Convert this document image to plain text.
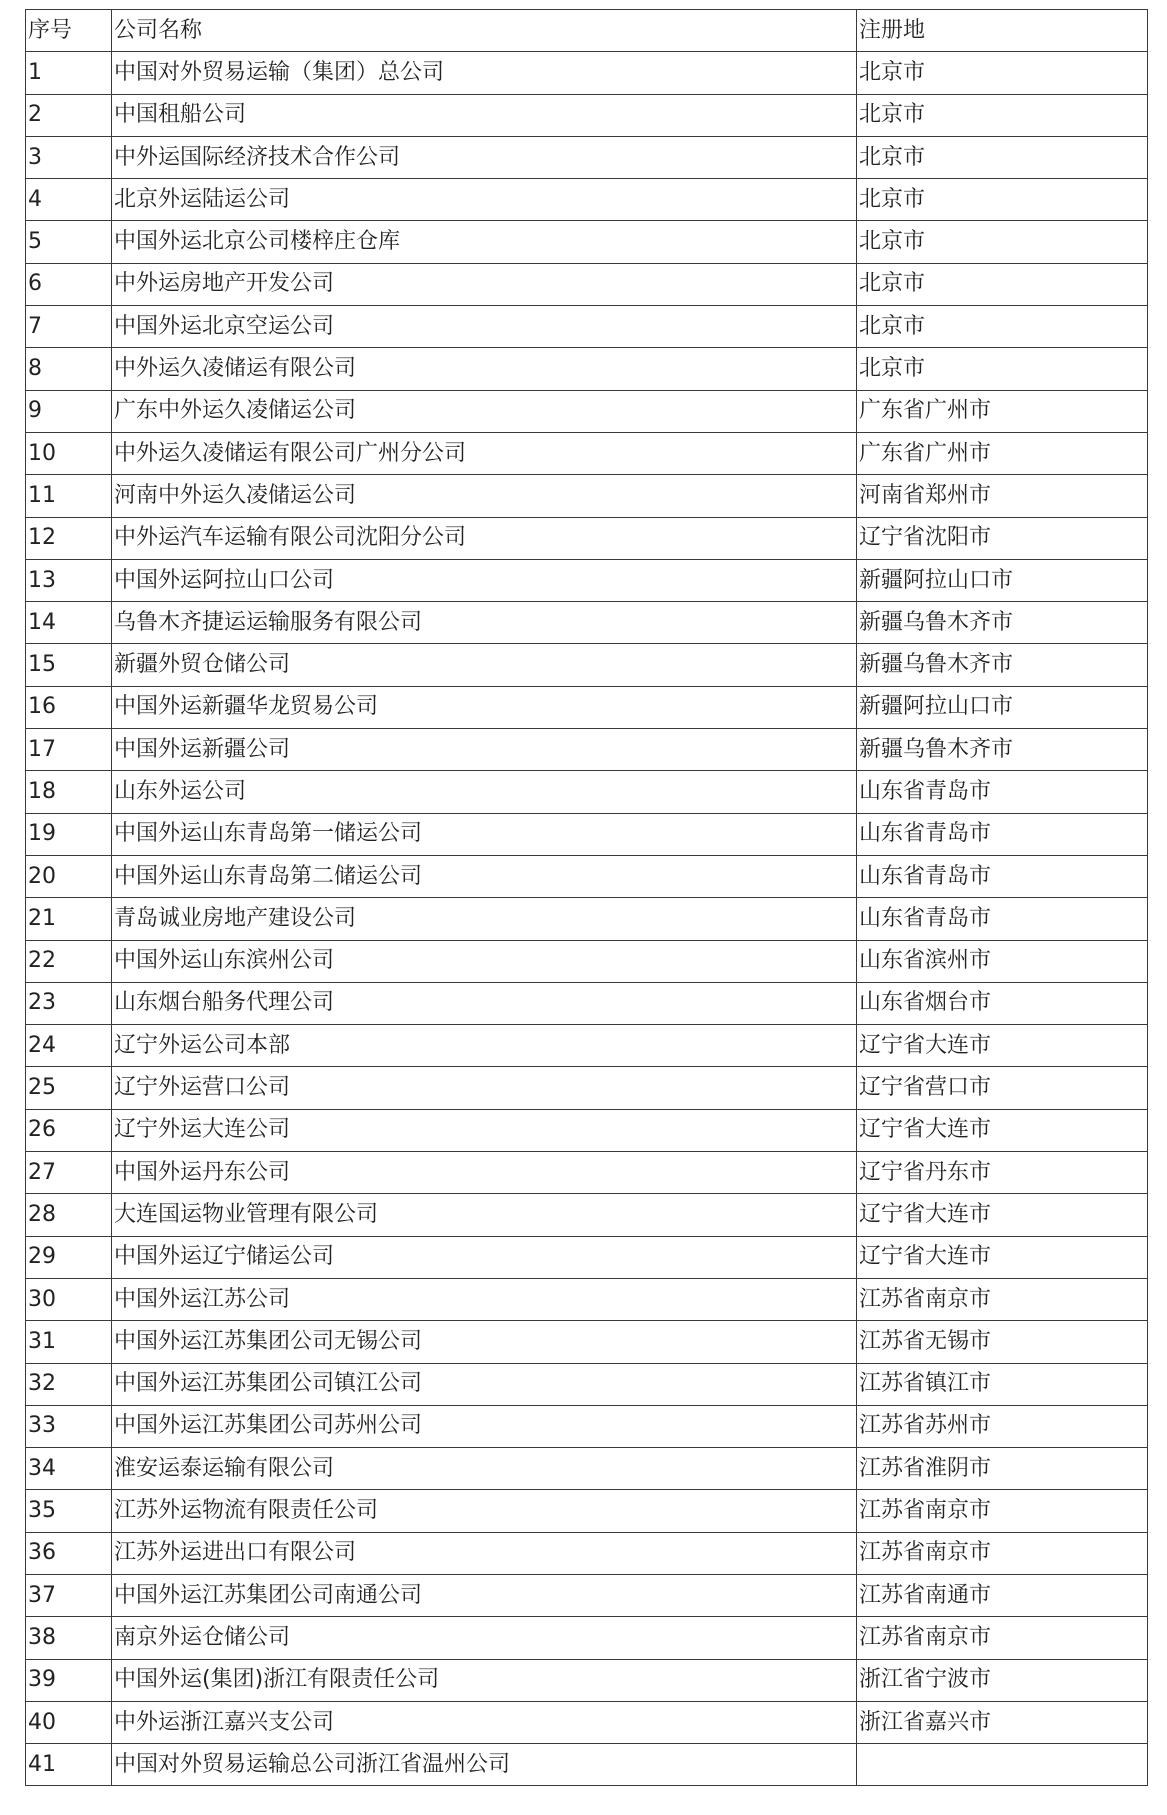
序号	公司名称	注册地
1	中国对外贸易运输（集团）总公司	北京市
2	中国租船公司	北京市
3	中外运国际经济技术合作公司	北京市
4	北京外运陆运公司	北京市
5	中国外运北京公司楼梓庄仓库	北京市
6	中外运房地产开发公司	北京市
7	中国外运北京空运公司	北京市
8	中外运久凌储运有限公司	北京市
9	广东中外运久凌储运公司	广东省广州市
10	中外运久凌储运有限公司广州分公司	广东省广州市
11	河南中外运久凌储运公司	河南省郑州市
12	中外运汽车运输有限公司沈阳分公司	辽宁省沈阳市
13	中国外运阿拉山口公司	新疆阿拉山口市
14	乌鲁木齐捷运运输服务有限公司	新疆乌鲁木齐市
15	新疆外贸仓储公司	新疆乌鲁木齐市
16	中国外运新疆华龙贸易公司	新疆阿拉山口市
17	中国外运新疆公司	新疆乌鲁木齐市
18	山东外运公司	山东省青岛市
19	中国外运山东青岛第一储运公司	山东省青岛市
20	中国外运山东青岛第二储运公司	山东省青岛市
21	青岛诚业房地产建设公司	山东省青岛市
22	中国外运山东滨州公司	山东省滨州市
23	山东烟台船务代理公司	山东省烟台市
24	辽宁外运公司本部	辽宁省大连市
25	辽宁外运营口公司	辽宁省营口市
26	辽宁外运大连公司	辽宁省大连市
27	中国外运丹东公司	辽宁省丹东市
28	大连国运物业管理有限公司	辽宁省大连市
29	中国外运辽宁储运公司	辽宁省大连市
30	中国外运江苏公司	江苏省南京市
31	中国外运江苏集团公司无锡公司	江苏省无锡市
32	中国外运江苏集团公司镇江公司	江苏省镇江市
33	中国外运江苏集团公司苏州公司	江苏省苏州市
34	淮安运泰运输有限公司	江苏省淮阴市
35	江苏外运物流有限责任公司	江苏省南京市
36	江苏外运进出口有限公司	江苏省南京市
37	中国外运江苏集团公司南通公司	江苏省南通市
38	南京外运仓储公司	江苏省南京市
39	中国外运(集团)浙江有限责任公司	浙江省宁波市
40	中外运浙江嘉兴支公司	浙江省嘉兴市
41	中国对外贸易运输总公司浙江省温州公司	
